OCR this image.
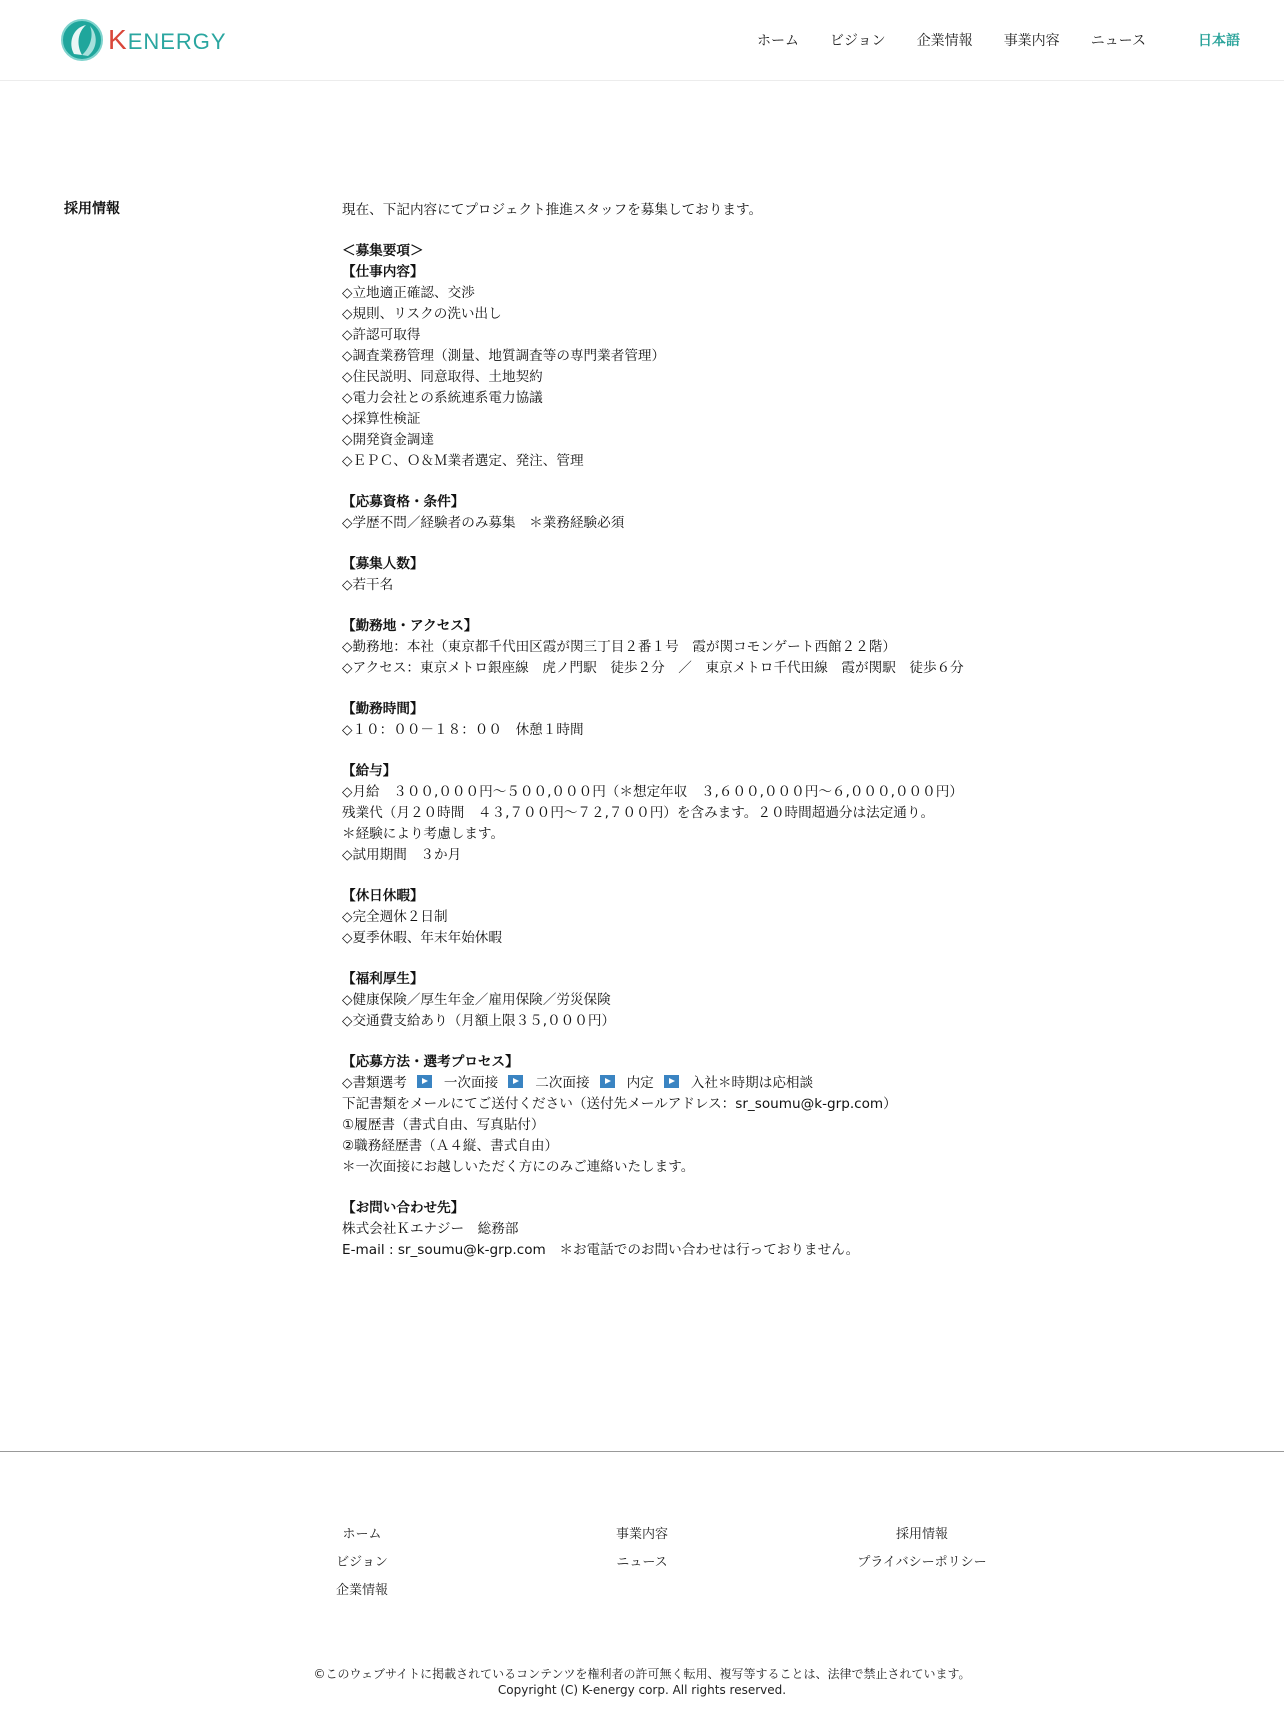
KENERGY	ホーム ビジョン 企業情報 事業内容 ニュース	日本語
採用情報	現在、下記内容にてプロジェクト推進スタッフを募集しております。
＜募集要項＞
【仕事内容】
◇立地適正確認、交渉
◇規則、リスクの洗い出し
◇許認可取得
◇調査業務管理（測量、地質調査等の専門業者管理）
◇住民説明、同意取得、土地契約
◇電力会社との系統連系電力協議
◇採算性検証
◇開発資金調達
◇ＥＰＣ、Ｏ＆Ｍ業者選定、発注、管理
【応募資格・条件】
◇学歴不問／経験者のみ募集　＊業務経験必須
【募集人数】
◇若干名
【勤務地・アクセス】
◇勤務地：本社（東京都千代田区霞が関三丁目２番１号　霞が関コモンゲート西館２２階）
◇アクセス：東京メトロ銀座線　虎ノ門駅　徒歩２分　／　東京メトロ千代田線　霞が関駅　徒歩６分
【勤務時間】
◇１０：００－１８：００　休憩１時間
【給与】
◇月給　３００,０００円～５００,０００円（＊想定年収　３,６００,０００円～６,０００,０００円）
残業代（月２０時間　４３,７００円～７２,７００円）を含みます。２０時間超過分は法定通り。
＊経験により考慮します。
◇試用期間　３か月
【休日休暇】
◇完全週休２日制
◇夏季休暇、年末年始休暇
【福利厚生】
◇健康保険／厚生年金／雇用保険／労災保険
◇交通費支給あり（月額上限３５,０００円）
【応募方法・選考プロセス】
◇書類選考	一次面接	二次面接	内定	入社＊時期は応相談
下記書類をメールにてご送付ください（送付先メールアドレス：sr_soumu@k-grp.com）
①履歴書（書式自由、写真貼付）
②職務経歴書（Ａ４縦、書式自由）
＊一次面接にお越しいただく方にのみご連絡いたします。
【お問い合わせ先】
株式会社Ｋエナジー　総務部
E-mail : sr_soumu@k-grp.com　＊お電話でのお問い合わせは行っておりません。
ホーム
ビジョン
企業情報
事業内容
ニュース
採用情報
プライバシーポリシー
©このウェブサイトに掲載されているコンテンツを権利者の許可無く転用、複写等することは、法律で禁止されています。
Copyright (C) K-energy corp. All rights reserved.
